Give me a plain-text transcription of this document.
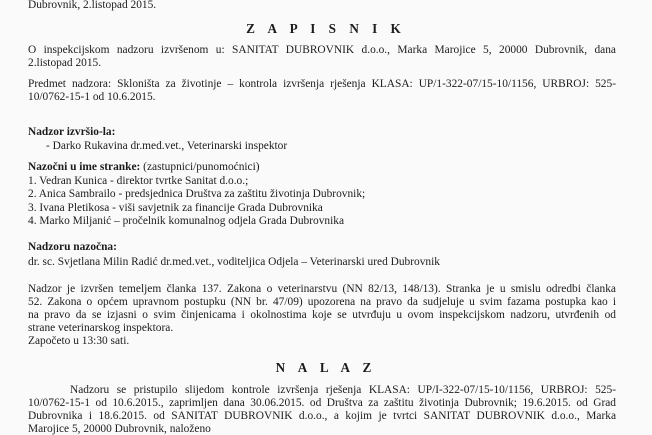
Dubrovnik, 2.listopad 2015.
Z A P I S N I K
O inspekcijskom nadzoru izvršenom u: SANITAT DUBROVNIK d.o.o., Marka Marojice 5, 20000 Dubrovnik, dana
2.listopad 2015.
Predmet nadzora: Skloništa za životinje – kontrola izvršenja rješenja KLASA: UP/1-322-07/15-10/1156, URBROJ: 525-
10/0762-15-1 od 10.6.2015.
Nadzor izvršio-la:
- Darko Rukavina dr.med.vet., Veterinarski inspektor
Nazočni u ime stranke: (zastupnici/punomoćnici)
1. Vedran Kunica - direktor tvrtke Sanitat d.o.o.;
2. Anica Sambrailo - predsjednica Društva za zaštitu životinja Dubrovnik;
3. Ivana Pletikosa - viši savjetnik za financije Grada Dubrovnika
4. Marko Miljanić – pročelnik komunalnog odjela Grada Dubrovnika
Nadzoru nazočna:
dr. sc. Svjetlana Milin Radić dr.med.vet., voditeljica Odjela – Veterinarski ured Dubrovnik
Nadzor je izvršen temeljem članka 137. Zakona o veterinarstvu (NN 82/13, 148/13). Stranka je u smislu odredbi članka
52. Zakona o općem upravnom postupku (NN br. 47/09) upozorena na pravo da sudjeluje u svim fazama postupka kao i
na pravo da se izjasni o svim činjenicama i okolnostima koje se utvrđuju u ovom inspekcijskom nadzoru, utvrđenih od
strane veterinarskog inspektora.
Započeto u 13:30 sati.
N A L A Z
Nadzoru se pristupilo slijedom kontrole izvršenja rješenja KLASA: UP/I-322-07/15-10/1156, URBROJ: 525-
10/0762-15-1 od 10.6.2015., zaprimljen dana 30.06.2015. od Društva za zaštitu životinja Dubrovnik; 19.6.2015. od Grad
Dubrovnika i 18.6.2015. od SANITAT DUBROVNIK d.o.o., a kojim je tvrtci SANITAT DUBROVNIK d.o.o., Marka
Marojice 5, 20000 Dubrovnik, naloženo
